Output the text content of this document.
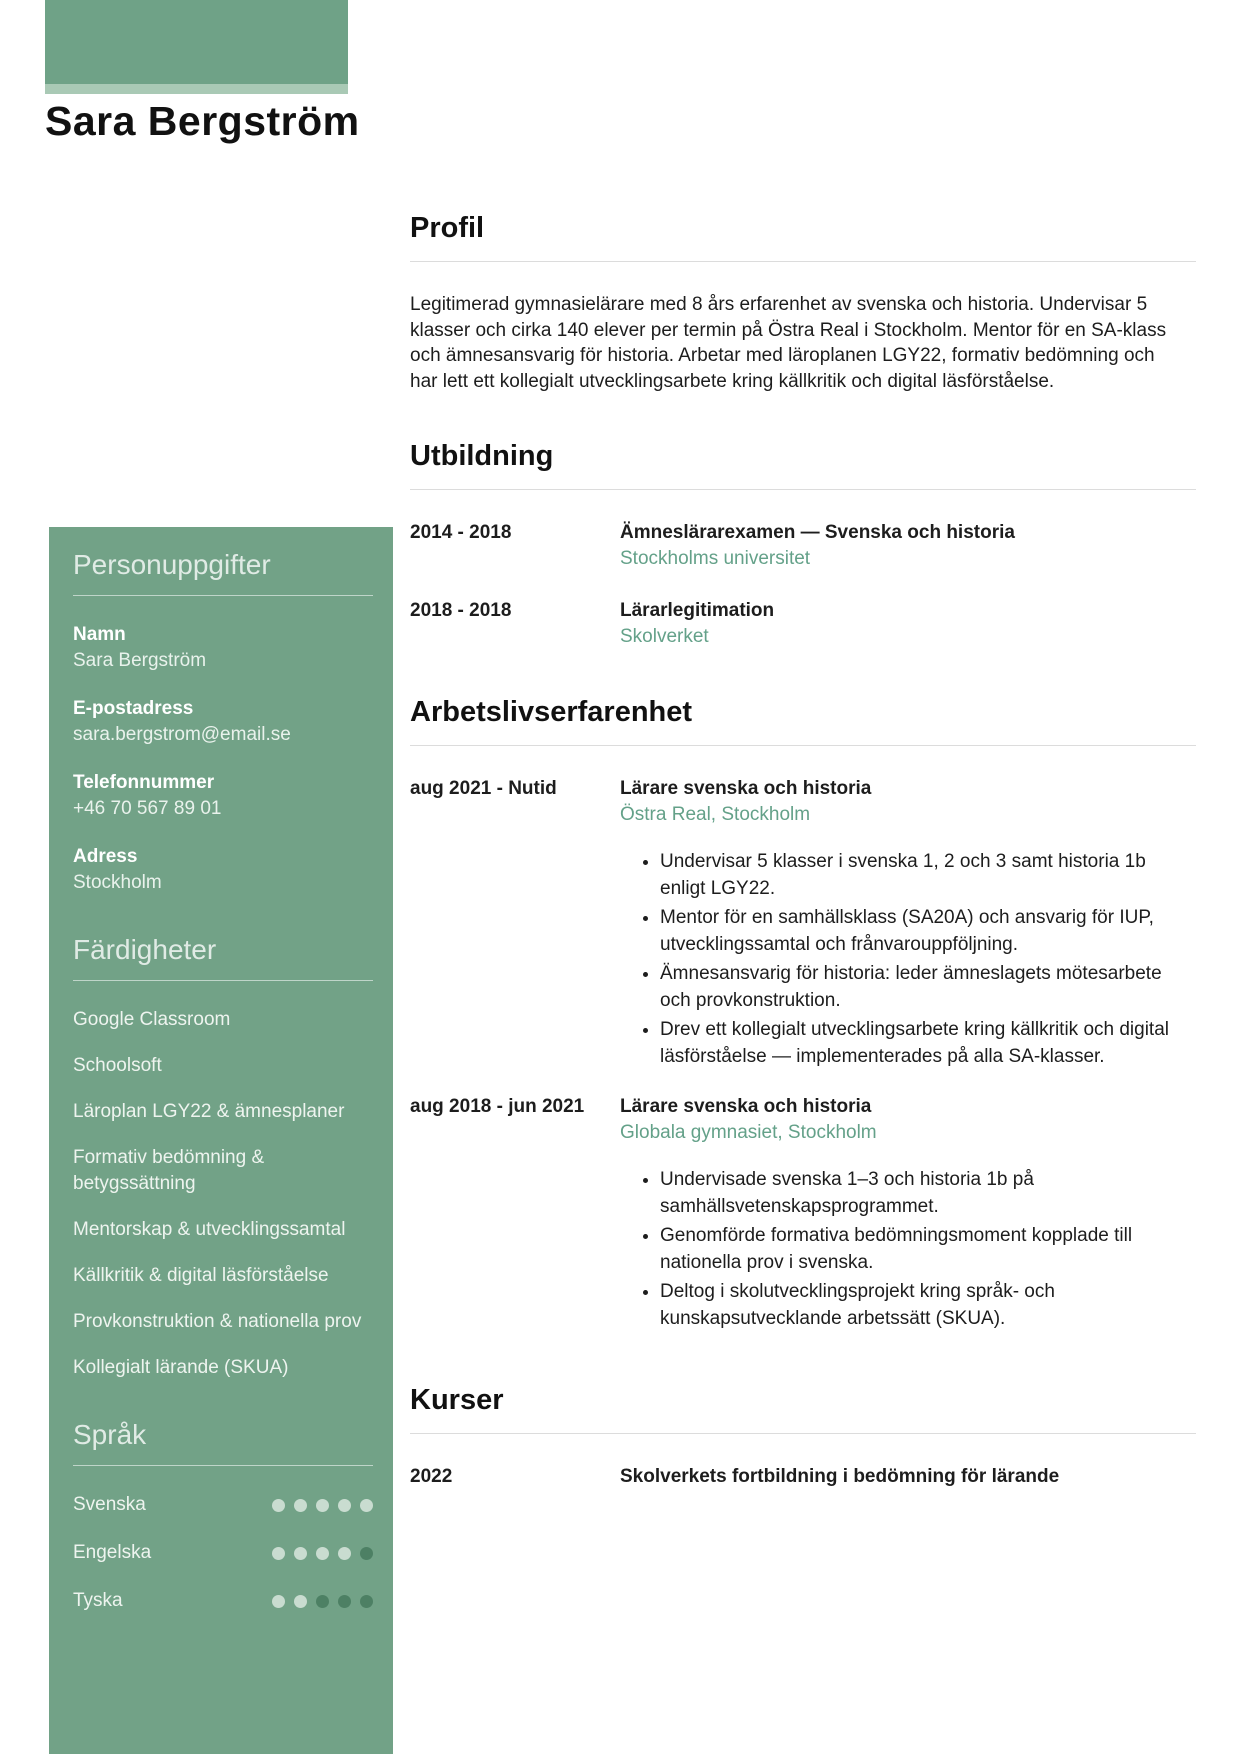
Sara Bergström
Personuppgifter
Namn
Sara Bergström
E-postadress
sara.bergstrom@email.se
Telefonnummer
+46 70 567 89 01
Adress
Stockholm
Färdigheter
Google Classroom
Schoolsoft
Läroplan LGY22 & ämnesplaner
Formativ bedömning & betygssättning
Mentorskap & utvecklingssamtal
Källkritik & digital läsförståelse
Provkonstruktion & nationella prov
Kollegialt lärande (SKUA)
Språk
Svenska
Engelska
Tyska
Profil

Legitimerad gymnasielärare med 8 års erfarenhet av svenska och historia. Undervisar 5 klasser och cirka 140 elever per termin på Östra Real i Stockholm. Mentor för en SA-klass och ämnesansvarig för historia. Arbetar med läroplanen LGY22, formativ bedömning och har lett ett kollegialt utvecklingsarbete kring källkritik och digital läsförståelse.

Utbildning
2014 - 2018	Ämneslärarexamen — Svenska och historia
Stockholms universitet
2018 - 2018	Lärarlegitimation
Skolverket
Arbetslivserfarenhet
aug 2021 - Nutid	Lärare svenska och historia
Östra Real, Stockholm
• Undervisar 5 klasser i svenska 1, 2 och 3 samt historia 1b enligt LGY22.
• Mentor för en samhällsklass (SA20A) och ansvarig för IUP, utvecklingssamtal och frånvarouppföljning.
• Ämnesansvarig för historia: leder ämneslagets mötesarbete och provkonstruktion.
• Drev ett kollegialt utvecklingsarbete kring källkritik och digital läsförståelse — implementerades på alla SA-klasser.
aug 2018 - jun 2021	Lärare svenska och historia
Globala gymnasiet, Stockholm
• Undervisade svenska 1–3 och historia 1b på samhällsvetenskapsprogrammet.
• Genomförde formativa bedömningsmoment kopplade till nationella prov i svenska.
• Deltog i skolutvecklingsprojekt kring språk- och kunskapsutvecklande arbetssätt (SKUA).
Kurser
2022	Skolverkets fortbildning i bedömning för lärande
